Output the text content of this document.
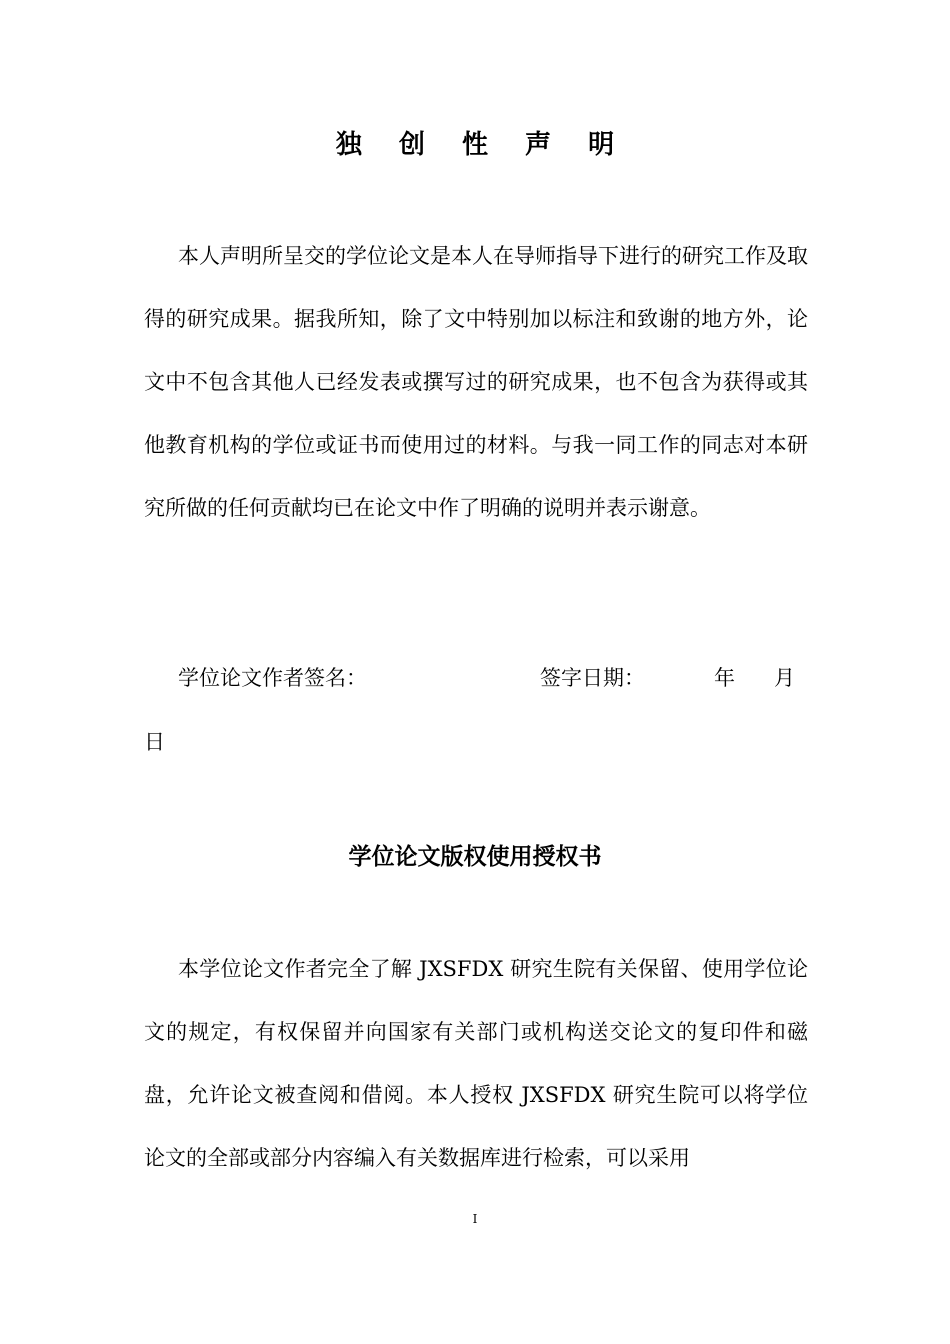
独 创 性 声 明
本人声明所呈交的学位论文是本人在导师指导下进行的研究工作及取得的研究成果。据我所知，除了文中特别加以标注和致谢的地方外，论文中不包含其他人已经发表或撰写过的研究成果，也不包含为获得或其他教育机构的学位或证书而使用过的材料。与我一同工作的同志对本研究所做的任何贡献均已在论文中作了明确的说明并表示谢意。
学位论文作者签名：	签字日期：	年 月
日
学位论文版权使用授权书
本学位论文作者完全了解 JXSFDX 研究生院有关保留、使用学位论文的规定，有权保留并向国家有关部门或机构送交论文的复印件和磁盘，允许论文被查阅和借阅。本人授权 JXSFDX 研究生院可以将学位论文的全部或部分内容编入有关数据库进行检索，可以采用
I
